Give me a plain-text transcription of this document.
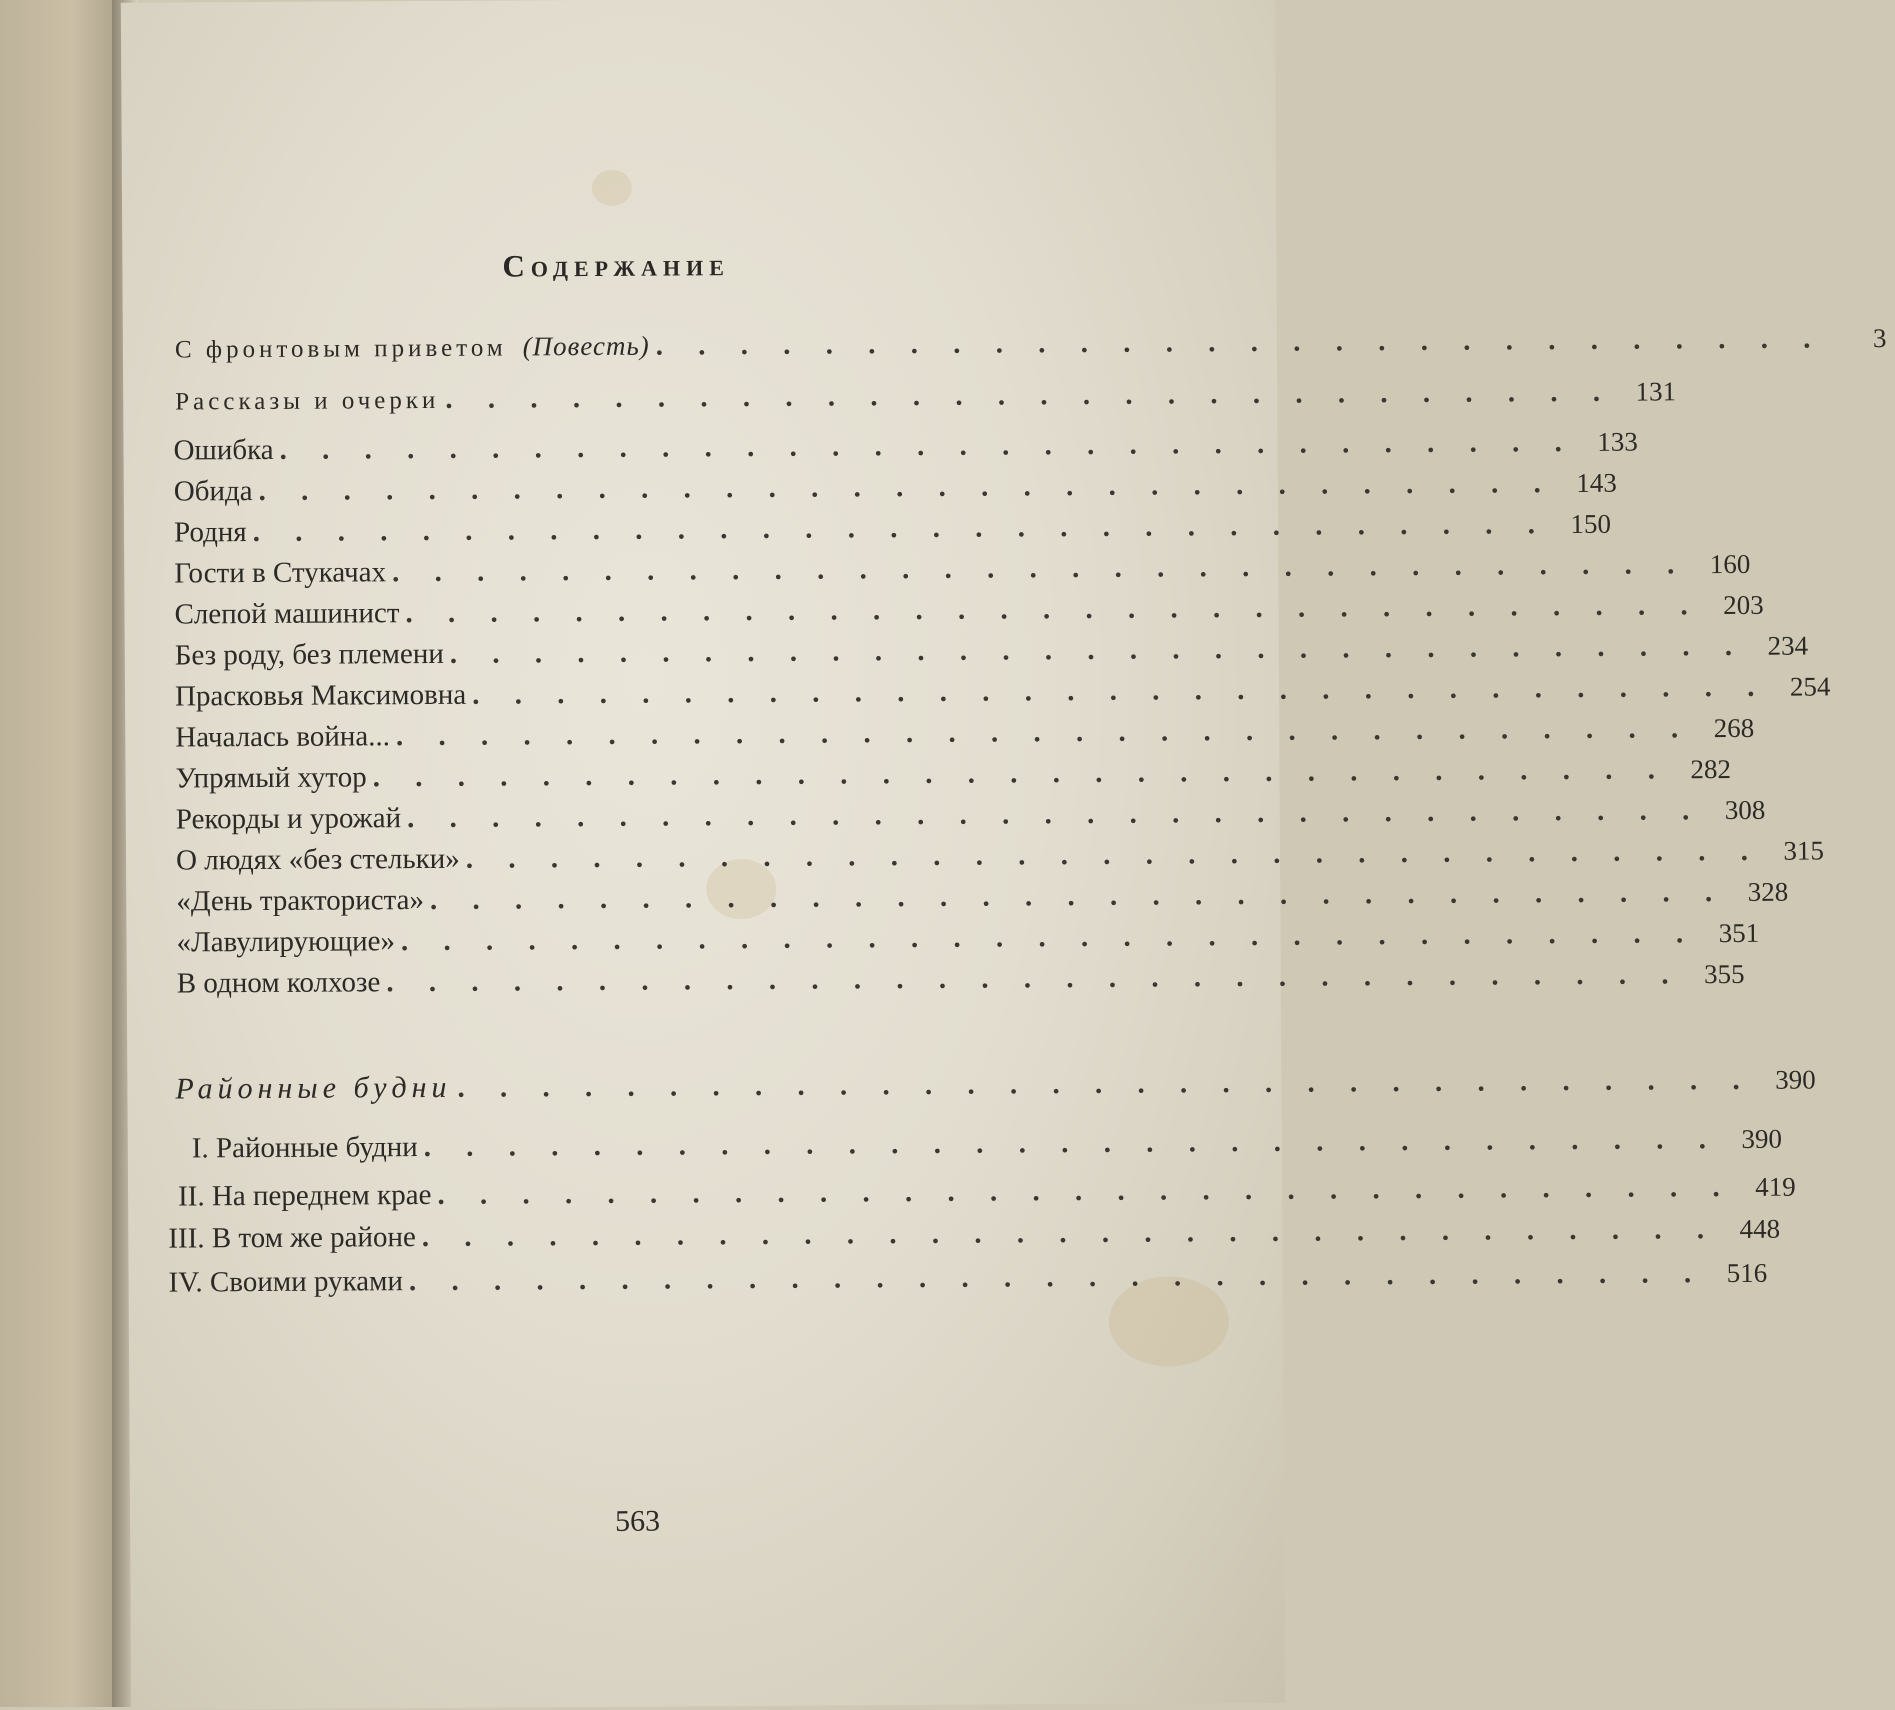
Содержание
С фронтовым приветом (Повесть) . . . . . . . . . . . . . . . . . . . . . . . . . . . .	3
Рассказы и очерки . . . . . . . . . . . . . . . . . . . . . . . . . . . . 131
Ошибка . . . . . . . . . . . . . . . . . . . . . . . . . . . . . . . 133
Обида . . . . . . . . . . . . . . . . . . . . . . . . . . . . . . . 143
Родня . . . . . . . . . . . . . . . . . . . . . . . . . . . . . . . 150
Гости в Стукачах . . . . . . . . . . . . . . . . . . . . . . . . . . . . . . . 160
Слепой машинист . . . . . . . . . . . . . . . . . . . . . . . . . . . . . . . 203
Без роду, без племени . . . . . . . . . . . . . . . . . . . . . . . . . . . . . . . 234
Прасковья Максимовна . . . . . . . . . . . . . . . . . . . . . . . . . . . . . . . 254
Началась война... . . . . . . . . . . . . . . . . . . . . . . . . . . . . . . . 268
Упрямый хутор . . . . . . . . . . . . . . . . . . . . . . . . . . . . . . . 282
Рекорды и урожай . . . . . . . . . . . . . . . . . . . . . . . . . . . . . . . 308
О людях «без стельки» . . . . . . . . . . . . . . . . . . . . . . . . . . . . . . . 315
«День тракториста» . . . . . . . . . . . . . . . . . . . . . . . . . . . . . . . 328
«Лавулирующие» . . . . . . . . . . . . . . . . . . . . . . . . . . . . . . . 351
В одном колхозе . . . . . . . . . . . . . . . . . . . . . . . . . . . . . . . 355
Районные будни . . . . . . . . . . . . . . . . . . . . . . . . . . . . . . . 390
I. Районные будни . . . . . . . . . . . . . . . . . . . . . . . . . . . . . . . 390
II. На переднем крае . . . . . . . . . . . . . . . . . . . . . . . . . . . . . . . 419
III. В том же районе . . . . . . . . . . . . . . . . . . . . . . . . . . . . . . . 448
IV. Своими руками . . . . . . . . . . . . . . . . . . . . . . . . . . . . . . . 516
563
